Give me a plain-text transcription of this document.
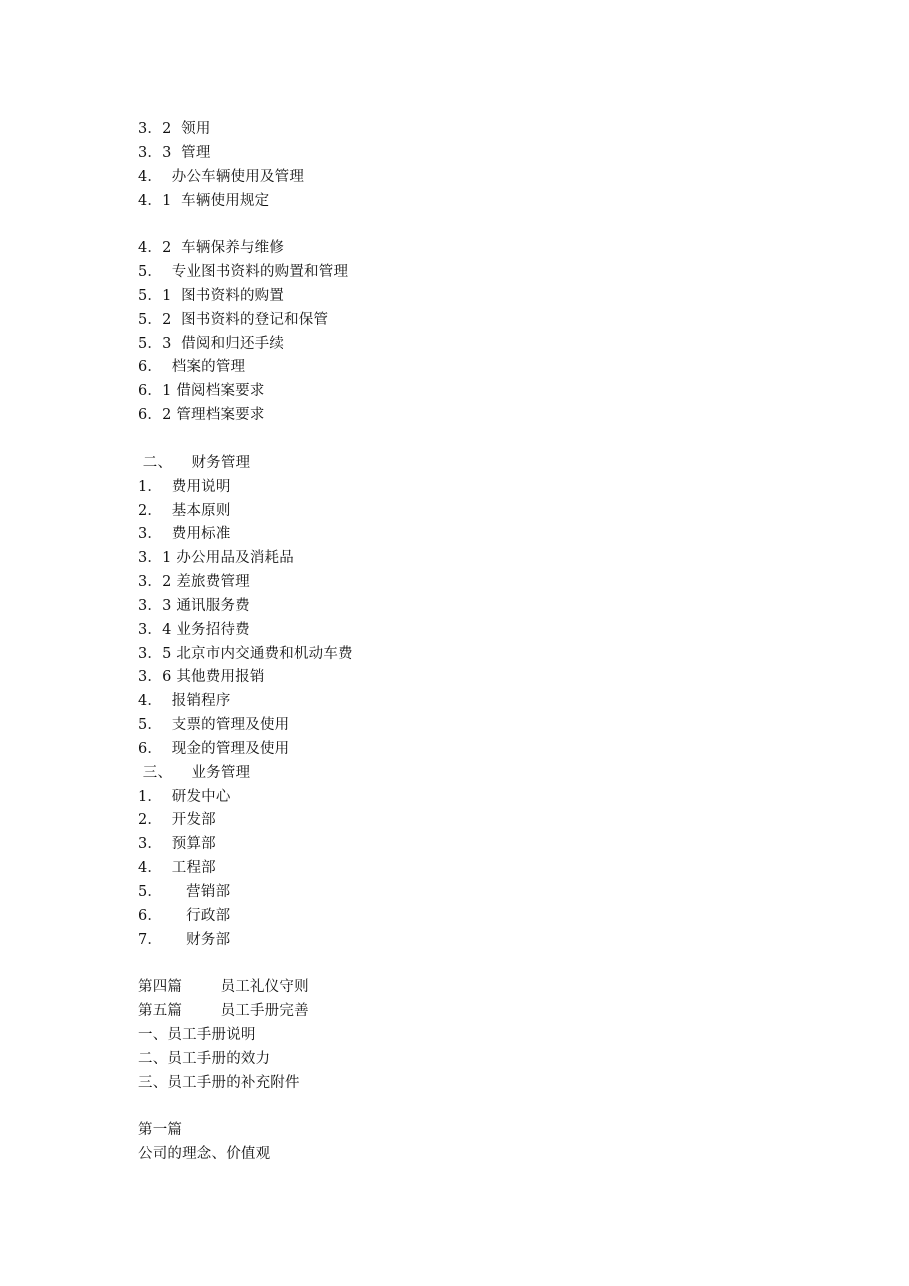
3．2  领用
3．3  管理
4．  办公车辆使用及管理
4．1  车辆使用规定
4．2  车辆保养与维修
5．  专业图书资料的购置和管理
5．1  图书资料的购置
5．2  图书资料的登记和保管
5．3  借阅和归还手续
6．  档案的管理
6．1 借阅档案要求
6．2 管理档案要求
二、    财务管理
1．  费用说明
2．  基本原则
3．  费用标准
3．1 办公用品及消耗品
3．2 差旅费管理
3．3 通讯服务费
3．4 业务招待费
3．5 北京市内交通费和机动车费
3．6 其他费用报销
4．  报销程序
5．  支票的管理及使用
6．  现金的管理及使用
三、    业务管理
1．  研发中心
2．  开发部
3．  预算部
4．  工程部
5．     营销部
6．     行政部
7．     财务部
第四篇        员工礼仪守则
第五篇        员工手册完善
一、员工手册说明
二、员工手册的效力
三、员工手册的补充附件
第一篇
公司的理念、价值观
